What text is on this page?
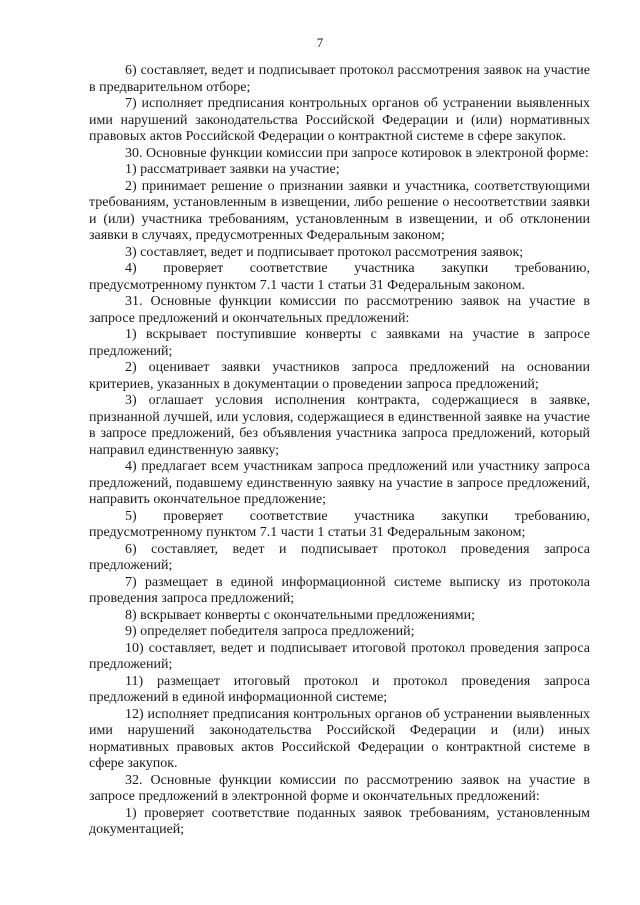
7

6) составляет, ведет и подписывает протокол рассмотрения заявок на участие в предварительном отборе;

7) исполняет предписания контрольных органов об устранении выявленных ими нарушений законодательства Российской Федерации и (или) нормативных правовых актов Российской Федерации о контрактной системе в сфере закупок.

30. Основные функции комиссии при запросе котировок в электроной форме:

1) рассматривает заявки на участие;

2) принимает решение о признании заявки и участника, соответствующими требованиям, установленным в извещении, либо решение о несоответствии заявки и (или) участника требованиям, установленным в извещении, и об отклонении заявки в случаях, предусмотренных Федеральным законом;

3) составляет, ведет и подписывает протокол рассмотрения заявок;

4) проверяет соответствие участника закупки требованию, предусмотренному пунктом 7.1 части 1 статьи 31 Федеральным законом.

31. Основные функции комиссии по рассмотрению заявок на участие в запросе предложений и окончательных предложений:

1) вскрывает поступившие конверты с заявками на участие в запросе предложений;

2) оценивает заявки участников запроса предложений на основании критериев, указанных в документации о проведении запроса предложений;

3) оглашает условия исполнения контракта, содержащиеся в заявке, признанной лучшей, или условия, содержащиеся в единственной заявке на участие в запросе предложений, без объявления участника запроса предложений, который направил единственную заявку;

4) предлагает всем участникам запроса предложений или участнику запроса предложений, подавшему единственную заявку на участие в запросе предложений, направить окончательное предложение;

5) проверяет соответствие участника закупки требованию, предусмотренному пунктом 7.1 части 1 статьи 31 Федеральным законом;

6) составляет, ведет и подписывает протокол проведения запроса предложений;

7) размещает в единой информационной системе выписку из протокола проведения запроса предложений;

8) вскрывает конверты с окончательными предложениями;

9) определяет победителя запроса предложений;

10) составляет, ведет и подписывает итоговой протокол проведения запроса предложений;

11) размещает итоговый протокол и протокол проведения запроса предложений в единой информационной системе;

12) исполняет предписания контрольных органов об устранении выявленных ими нарушений законодательства Российской Федерации и (или) иных нормативных правовых актов Российской Федерации о контрактной системе в сфере закупок.

32. Основные функции комиссии по рассмотрению заявок на участие в запросе предложений в электронной форме и окончательных предложений:

1) проверяет соответствие поданных заявок требованиям, установленным документацией;
